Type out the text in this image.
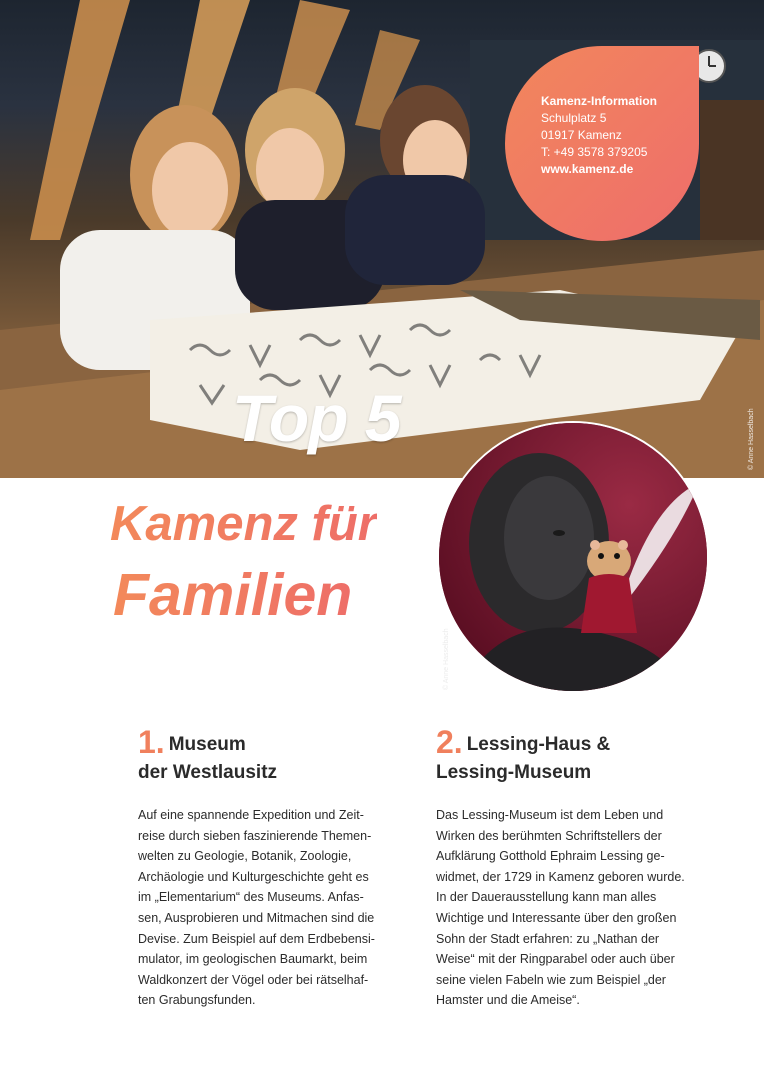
Kamenz-Information
Schulplatz 5
01917 Kamenz
T: +49 3578 379205
www.kamenz.de
Top 5	© Anne Hasselbach
Kamenz für
Familien
© Anne Hasselbach
1. Museum
der Westlausitz
Auf eine spannende Expedition und Zeit-
reise durch sieben faszinierende Themen-
welten zu Geologie, Botanik, Zoologie,
Archäologie und Kulturgeschichte geht es
im „Elementarium“ des Museums. Anfas-
sen, Ausprobieren und Mitmachen sind die
Devise. Zum Beispiel auf dem Erdbebensi-
mulator, im geologischen Baumarkt, beim
Waldkonzert der Vögel oder bei rätselhaf-
ten Grabungsfunden.
2. Lessing-Haus &
Lessing-Museum
Das Lessing-Museum ist dem Leben und
Wirken des berühmten Schriftstellers der
Aufklärung Gotthold Ephraim Lessing ge-
widmet, der 1729 in Kamenz geboren wurde.
In der Dauerausstellung kann man alles
Wichtige und Interessante über den großen
Sohn der Stadt erfahren: zu „Nathan der
Weise“ mit der Ringparabel oder auch über
seine vielen Fabeln wie zum Beispiel „der
Hamster und die Ameise“.
